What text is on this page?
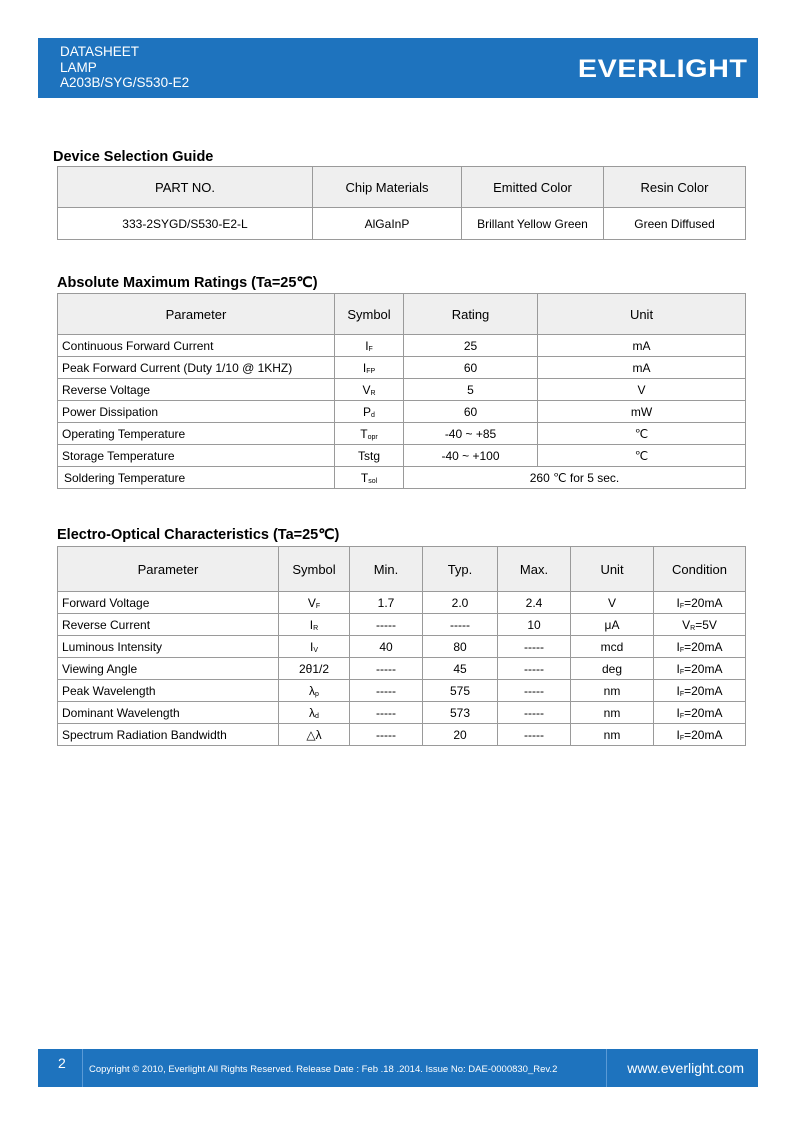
DATASHEET
LAMP
A203B/SYG/S530-E2	EVERLIGHT
Device Selection Guide
PART NO.	Chip Materials	Emitted Color	Resin Color
333-2SYGD/S530-E2-L	AlGaInP	Brillant Yellow Green	Green Diffused
Absolute Maximum Ratings (Ta=25℃)
Parameter	Symbol	Rating	Unit
Continuous Forward Current	$I_F$	25	mA
Peak Forward Current (Duty 1/10 @ 1KHZ)	$I_{FP}$	60	mA
Reverse Voltage	$V_R$	5	V
Power Dissipation	$P_d$	60	mW
Operating Temperature	$T_{opr}$	-40 ~ +85	℃
Storage Temperature	Tstg	-40 ~ +100	℃
Soldering Temperature	$T_{sol}$	260 ℃ for 5 sec.	
Electro-Optical Characteristics (Ta=25℃)
Parameter	Symbol	Min.	Typ.	Max.	Unit	Condition
Forward Voltage	$V_F$	1.7	2.0	2.4	V	$I_F=20mA$
Reverse Current	$I_R$	-----	-----	10	μA	$V_R=5V$
Luminous Intensity	$I_V$	40	80	-----	mcd	$I_F=20mA$
Viewing Angle	2θ1/2	-----	45	-----	deg	$I_F=20mA$
Peak Wavelength	$\lambda_p$	-----	575	-----	nm	$I_F=20mA$
Dominant Wavelength	$\lambda_d$	-----	573	-----	nm	$I_F=20mA$
Spectrum Radiation Bandwidth	△λ	-----	20	-----	nm	$I_F=20mA$
2 Copyright © 2010, Everlight All Rights Reserved. Release Date : Feb .18 .2014. Issue No: DAE-0000830_Rev.2	www.everlight.com
